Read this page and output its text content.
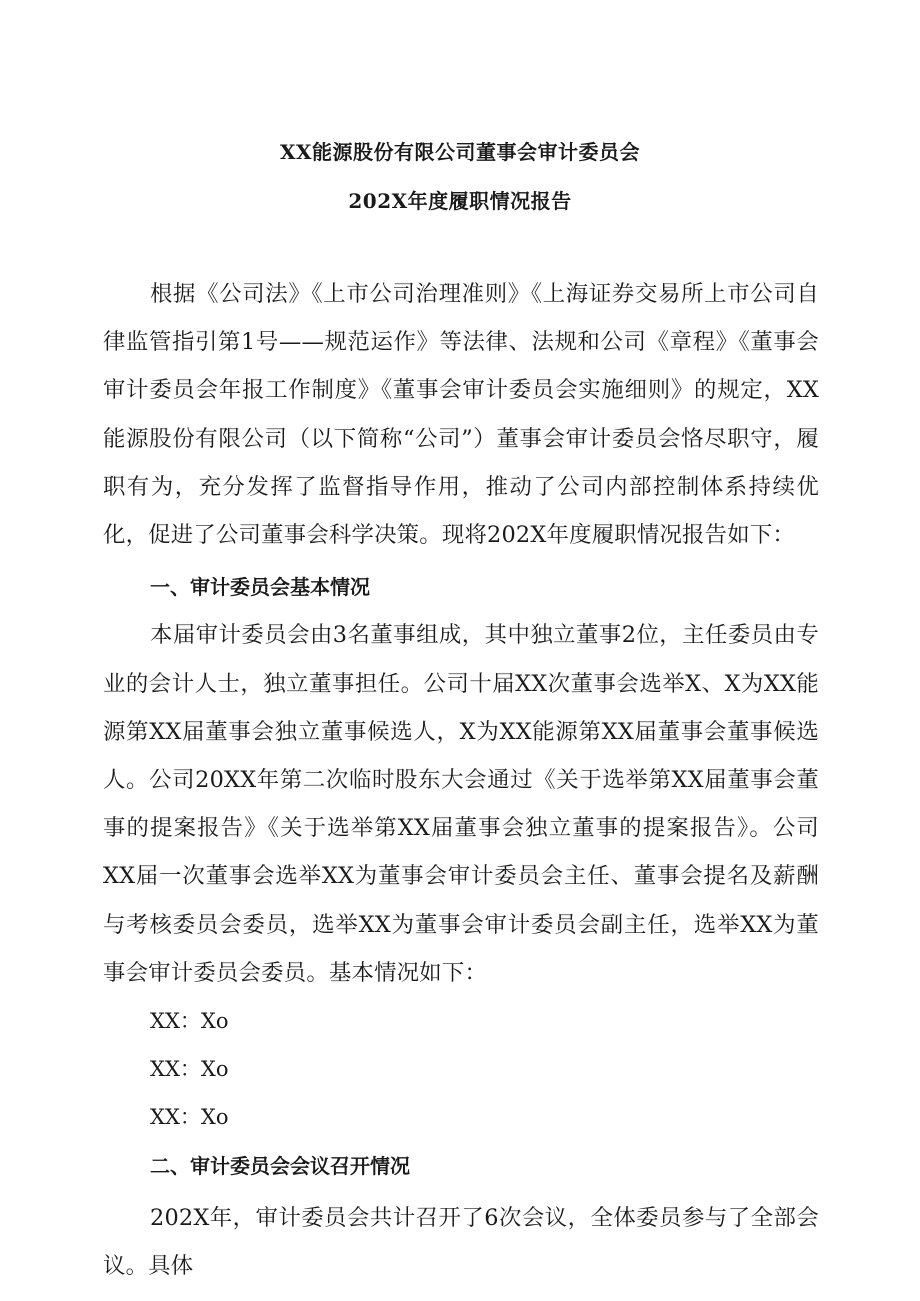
XX能源股份有限公司董事会审计委员会
202X年度履职情况报告

根据《公司法》《上市公司治理准则》《上海证券交易所上市公司自律监管指引第1号——规范运作》等法律、法规和公司《章程》《董事会审计委员会年报工作制度》《董事会审计委员会实施细则》的规定，XX能源股份有限公司（以下简称“公司”）董事会审计委员会恪尽职守，履职有为，充分发挥了监督指导作用，推动了公司内部控制体系持续优化，促进了公司董事会科学决策。现将202X年度履职情况报告如下：

一、审计委员会基本情况

本届审计委员会由3名董事组成，其中独立董事2位，主任委员由专业的会计人士，独立董事担任。公司十届XX次董事会选举X、X为XX能源第XX届董事会独立董事候选人，X为XX能源第XX届董事会董事候选人。公司20XX年第二次临时股东大会通过《关于选举第XX届董事会董事的提案报告》《关于选举第XX届董事会独立董事的提案报告》。公司XX届一次董事会选举XX为董事会审计委员会主任、董事会提名及薪酬与考核委员会委员，选举XX为董事会审计委员会副主任，选举XX为董事会审计委员会委员。基本情况如下：

XX：Xo

XX：Xo

XX：Xo

二、审计委员会会议召开情况

202X年，审计委员会共计召开了6次会议，全体委员参与了全部会议。具体
